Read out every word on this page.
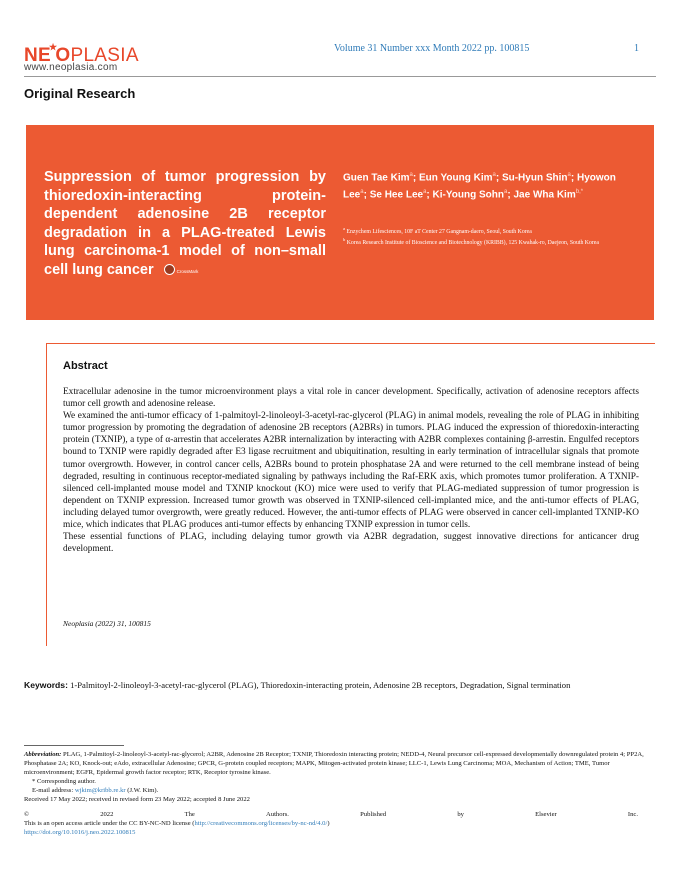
NE★OPLASIA
www.neoplasia.com
Volume 31 Number xxx Month 2022 pp. 100815	1
Original Research
Suppression of tumor progression by thioredoxin-interacting protein-dependent adenosine 2B receptor degradation in a PLAG-treated Lewis lung carcinoma-1 model of non–small cell lung cancer	CrossMark
Guen Tae Kim$^a$; Eun Young Kim$^a$; Su-Hyun Shin$^a$; Hyowon Lee$^a$; Se Hee Lee$^a$; Ki-Young Sohn$^a$; Jae Wha Kim$^{b,*}$
$^a$ Enzychem Lifesciences, 10F aT Center 27 Gangnam-daero, Seoul, South Korea
$^b$ Korea Research Institute of Bioscience and Biotechnology (KRIBB), 125 Kwahak-ro, Daejeon, South Korea
Abstract

Extracellular adenosine in the tumor microenvironment plays a vital role in cancer development. Specifically, activation of adenosine receptors affects tumor cell growth and adenosine release.

We examined the anti-tumor efficacy of 1-palmitoyl-2-linoleoyl-3-acetyl-rac-glycerol (PLAG) in animal models, revealing the role of PLAG in inhibiting tumor progression by promoting the degradation of adenosine 2B receptors (A2BRs) in tumors. PLAG induced the expression of thioredoxin-interacting protein (TXNIP), a type of α-arrestin that accelerates A2BR internalization by interacting with A2BR complexes containing β-arrestin. Engulfed receptors bound to TXNIP were rapidly degraded after E3 ligase recruitment and ubiquitination, resulting in early termination of intracellular signals that promote tumor overgrowth. However, in control cancer cells, A2BRs bound to protein phosphatase 2A and were returned to the cell membrane instead of being degraded, resulting in continuous receptor-mediated signaling by pathways including the Raf-ERK axis, which promotes tumor proliferation. A TXNIP-silenced cell-implanted mouse model and TXNIP knockout (KO) mice were used to verify that PLAG-mediated suppression of tumor progression is dependent on TXNIP expression. Increased tumor growth was observed in TXNIP-silenced cell-implanted mice, and the anti-tumor effects of PLAG, including delayed tumor overgrowth, were greatly reduced. However, the anti-tumor effects of PLAG were observed in cancer cell-implanted TXNIP-KO mice, which indicates that PLAG produces anti-tumor effects by enhancing TXNIP expression in tumor cells.

These essential functions of PLAG, including delaying tumor growth via A2BR degradation, suggest innovative directions for anticancer drug development.

Neoplasia (2022) 31, 100815
Keywords: 1-Palmitoyl-2-linoleoyl-3-acetyl-rac-glycerol (PLAG), Thioredoxin-interacting protein, Adenosine 2B receptors, Degradation, Signal termination

Abbreviation: PLAG, 1-Palmitoyl-2-linoleoyl-3-acetyl-rac-glycerol; A2BR, Adenosine 2B Receptor; TXNIP, Thioredoxin interacting protein; NEDD-4, Neural precursor cell-expressed developmentally downregulated protein 4; PP2A, Phosphatase 2A; KO, Knock-out; eAdo, extracellular Adenosine; GPCR, G-protein coupled receptors; MAPK, Mitogen-activated protein kinase; LLC-1, Lewis Lung Carcinoma; MOA, Mechanism of Action; TME, Tumor microenvironment; EGFR, Epidermal growth factor receptor; RTK, Receptor tyrosine kinase.

* Corresponding author.

E-mail address: wjkim@kribb.re.kr (J.W. Kim).

Received 17 May 2022; received in revised form 23 May 2022; accepted 8 June 2022

©	2022	The	Authors.	Published	by	Elsevier	Inc.

This is an open access article under the CC BY-NC-ND license (http://creativecommons.org/licenses/by-nc-nd/4.0/)

https://doi.org/10.1016/j.neo.2022.100815
